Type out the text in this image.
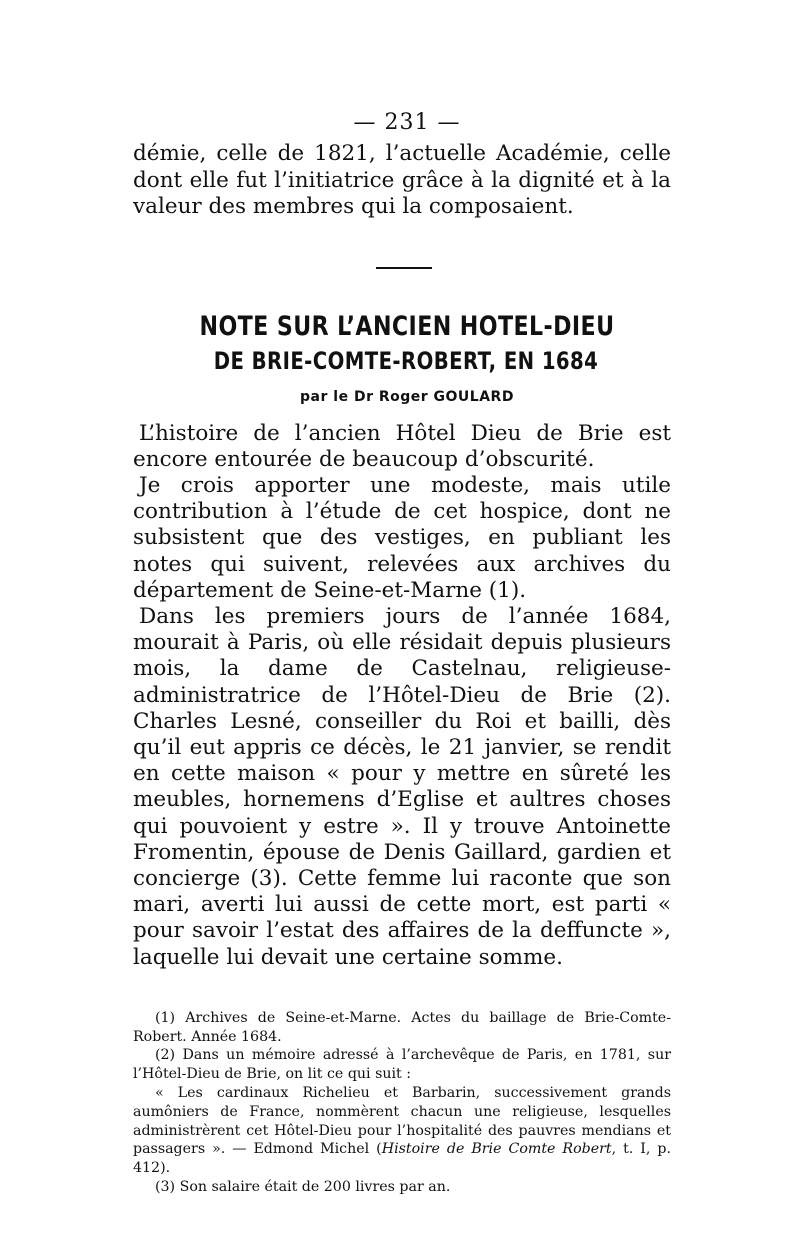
— 231 —

démie, celle de 1821, l’actuelle Académie, celle dont elle fut l’initiatrice grâce à la dignité et à la valeur des membres qui la composaient.

NOTE SUR L’ANCIEN HOTEL-DIEU
DE BRIE-COMTE-ROBERT, EN 1684
par le Dr Roger GOULARD

L’histoire de l’ancien Hôtel Dieu de Brie est encore entourée de beaucoup d’obscurité.

Je crois apporter une modeste, mais utile contribution à l’étude de cet hospice, dont ne subsistent que des vestiges, en publiant les notes qui suivent, relevées aux archives du département de Seine-et-Marne (1).

Dans les premiers jours de l’année 1684, mourait à Paris, où elle résidait depuis plusieurs mois, la dame de Castelnau, religieuse-administratrice de l’Hôtel-Dieu de Brie (2). Charles Lesné, conseiller du Roi et bailli, dès qu’il eut appris ce décès, le 21 janvier, se rendit en cette maison « pour y mettre en sûreté les meubles, hornemens d’Eglise et aultres choses qui pouvoient y estre ». Il y trouve Antoinette Fromentin, épouse de Denis Gaillard, gardien et concierge (3). Cette femme lui raconte que son mari, averti lui aussi de cette mort, est parti « pour savoir l’estat des affaires de la deffuncte », laquelle lui devait une certaine somme.

(1) Archives de Seine-et-Marne. Actes du baillage de Brie-Comte-Robert. Année 1684.

(2) Dans un mémoire adressé à l’archevêque de Paris, en 1781, sur l’Hôtel-Dieu de Brie, on lit ce qui suit :

« Les cardinaux Richelieu et Barbarin, successivement grands aumôniers de France, nommèrent chacun une religieuse, lesquelles administrèrent cet Hôtel-Dieu pour l’hospitalité des pauvres mendians et passagers ». — Edmond Michel (Histoire de Brie Comte Robert, t. I, p. 412).

(3) Son salaire était de 200 livres par an.
